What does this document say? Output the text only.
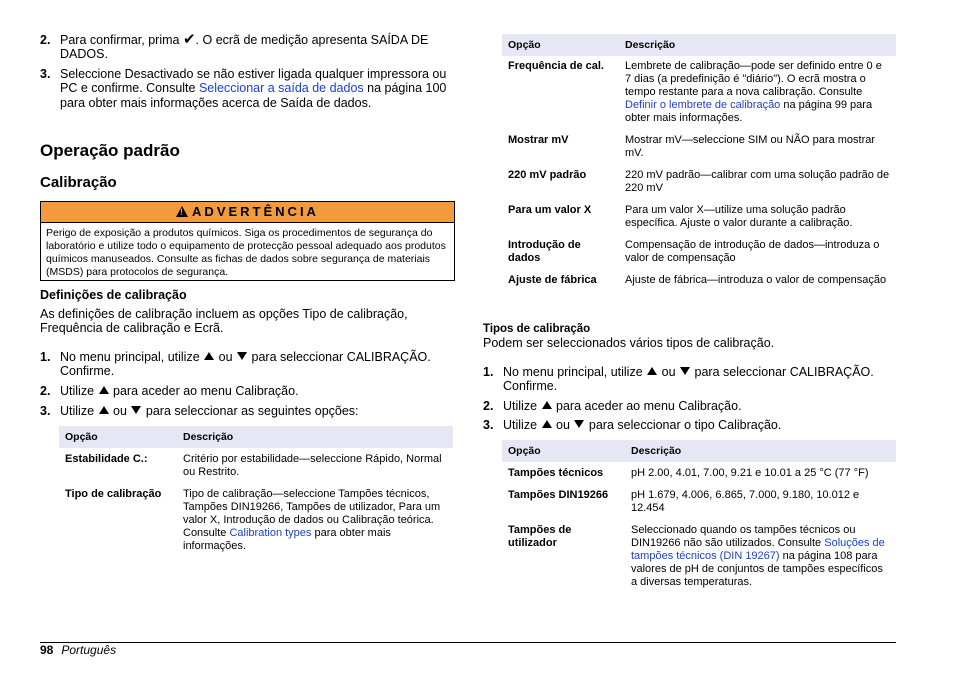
2. Para confirmar, prima ✔. O ecrã de medição apresenta SAÍDA DE DADOS.
3. Seleccione Desactivado se não estiver ligada qualquer impressora ou PC e confirme. Consulte Seleccionar a saída de dados na página 100 para obter mais informações acerca de Saída de dados.
Operação padrão
Calibração
!ADVERTÊNCIA
Perigo de exposição a produtos químicos. Siga os procedimentos de segurança do laboratório e utilize todo o equipamento de protecção pessoal adequado aos produtos químicos manuseados. Consulte as fichas de dados sobre segurança de materiais (MSDS) para protocolos de segurança.
Definições de calibração

As definições de calibração incluem as opções Tipo de calibração, Frequência de calibração e Ecrã.

1. No menu principal, utilize ou para seleccionar CALIBRAÇÃO. Confirme.
2. Utilize para aceder ao menu Calibração.
3. Utilize ou para seleccionar as seguintes opções:
Opção	Descrição
Estabilidade C.:	Critério por estabilidade—seleccione Rápido, Normal ou Restrito.
Tipo de calibração	Tipo de calibração—seleccione Tampões técnicos, Tampões DIN19266, Tampões de utilizador, Para um valor X, Introdução de dados ou Calibração teórica. Consulte Calibration types para obter mais informações.
Opção	Descrição
Frequência de cal.	Lembrete de calibração—pode ser definido entre 0 e 7 dias (a predefinição é "diário"). O ecrã mostra o tempo restante para a nova calibração. Consulte Definir o lembrete de calibração na página 99 para obter mais informações.
Mostrar mV	Mostrar mV—seleccione SIM ou NÃO para mostrar mV.
220 mV padrão	220 mV padrão—calibrar com uma solução padrão de 220 mV
Para um valor X	Para um valor X—utilize uma solução padrão específica. Ajuste o valor durante a calibração.
Introdução de dados	Compensação de introdução de dados—introduza o valor de compensação
Ajuste de fábrica	Ajuste de fábrica—introduza o valor de compensação
Tipos de calibração

Podem ser seleccionados vários tipos de calibração.

1. No menu principal, utilize ou para seleccionar CALIBRAÇÃO. Confirme.
2. Utilize para aceder ao menu Calibração.
3. Utilize ou para seleccionar o tipo Calibração.
Opção	Descrição
Tampões técnicos	pH 2.00, 4.01, 7.00, 9.21 e 10.01 a 25 °C (77 °F)
Tampões DIN19266	pH 1.679, 4.006, 6.865, 7.000, 9.180, 10.012 e 12.454
Tampões de utilizador	Seleccionado quando os tampões técnicos ou DIN19266 não são utilizados. Consulte Soluções de tampões técnicos (DIN 19267) na página 108 para valores de pH de conjuntos de tampões específicos a diversas temperaturas.
98 Português
